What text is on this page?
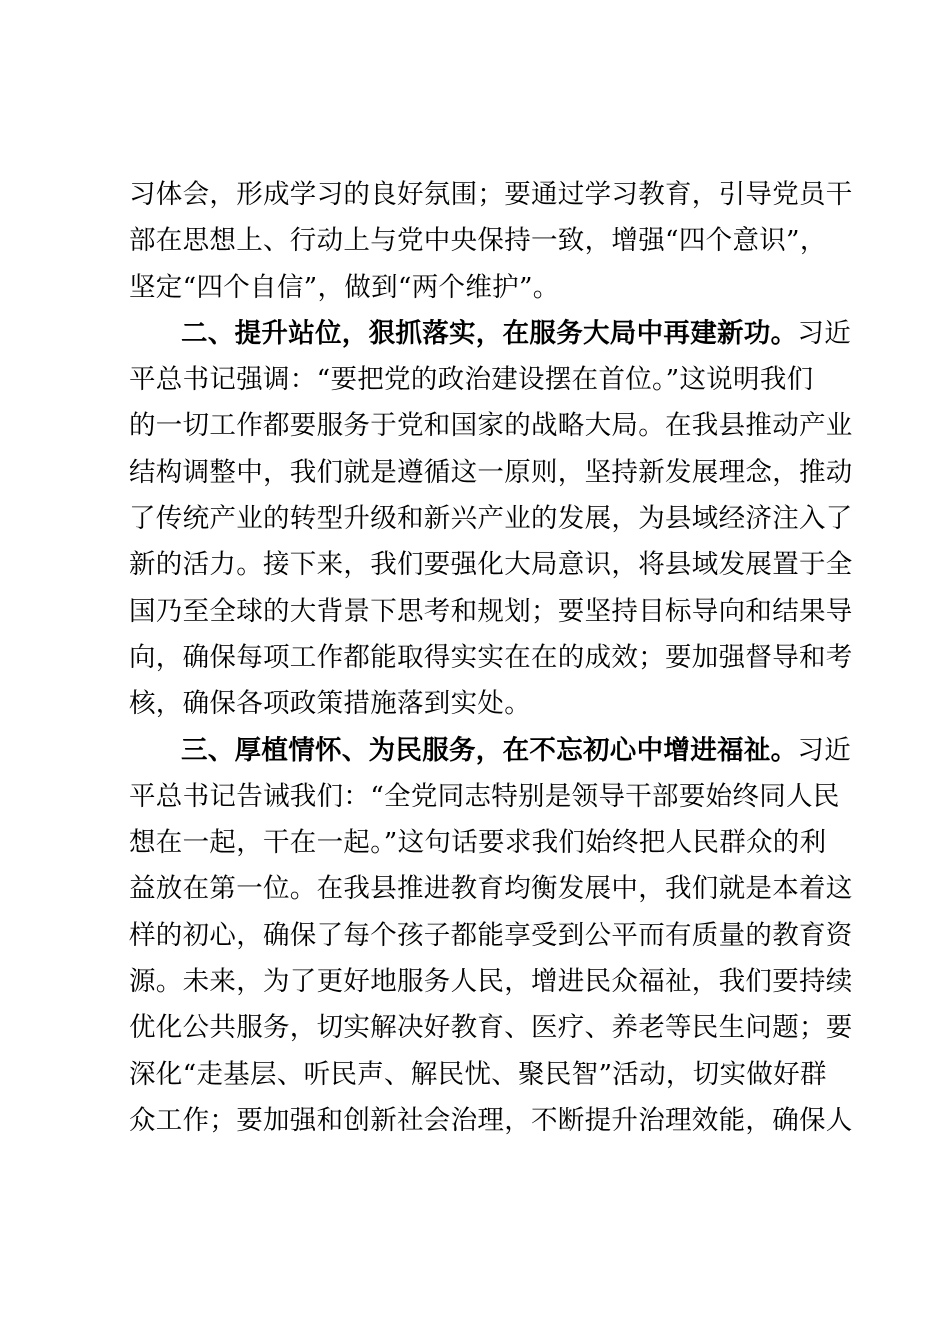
习体会，形成学习的良好氛围；要通过学习教育，引导党员干
部在思想上、行动上与党中央保持一致，增强“四个意识”，
坚定“四个自信”，做到“两个维护”。
二、提升站位，狠抓落实，在服务大局中再建新功。习近
平总书记强调：“要把党的政治建设摆在首位。”这说明我们
的一切工作都要服务于党和国家的战略大局。在我县推动产业
结构调整中，我们就是遵循这一原则，坚持新发展理念，推动
了传统产业的转型升级和新兴产业的发展，为县域经济注入了
新的活力。接下来，我们要强化大局意识，将县域发展置于全
国乃至全球的大背景下思考和规划；要坚持目标导向和结果导
向，确保每项工作都能取得实实在在的成效；要加强督导和考
核，确保各项政策措施落到实处。
三、厚植情怀、为民服务，在不忘初心中增进福祉。习近
平总书记告诫我们：“全党同志特别是领导干部要始终同人民
想在一起，干在一起。”这句话要求我们始终把人民群众的利
益放在第一位。在我县推进教育均衡发展中，我们就是本着这
样的初心，确保了每个孩子都能享受到公平而有质量的教育资
源。未来，为了更好地服务人民，增进民众福祉，我们要持续
优化公共服务，切实解决好教育、医疗、养老等民生问题；要
深化“走基层、听民声、解民忧、聚民智”活动，切实做好群
众工作；要加强和创新社会治理，不断提升治理效能，确保人
